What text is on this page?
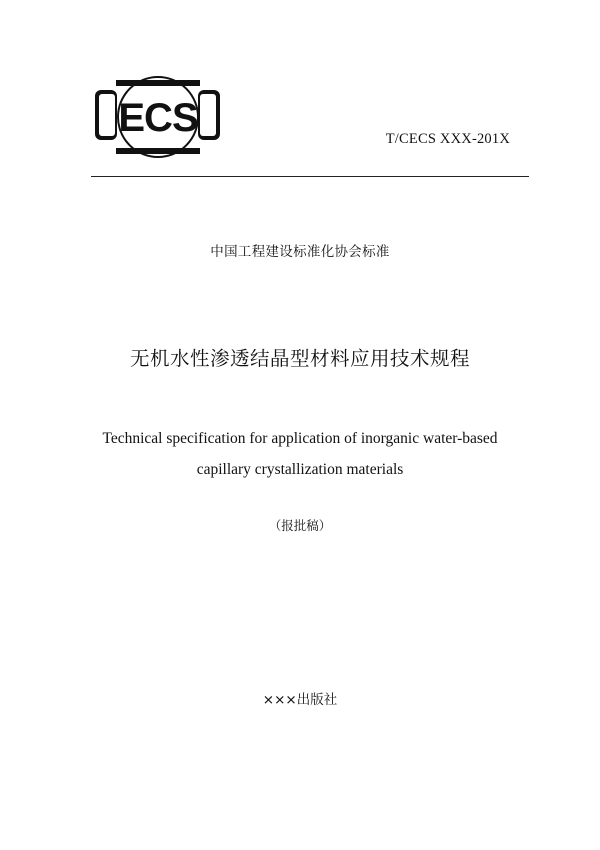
ECS	T/CECS XXX-201X
中国工程建设标准化协会标准
无机水性渗透结晶型材料应用技术规程
Technical specification for application of inorganic water-based
capillary crystallization materials
（报批稿）
×××出版社
